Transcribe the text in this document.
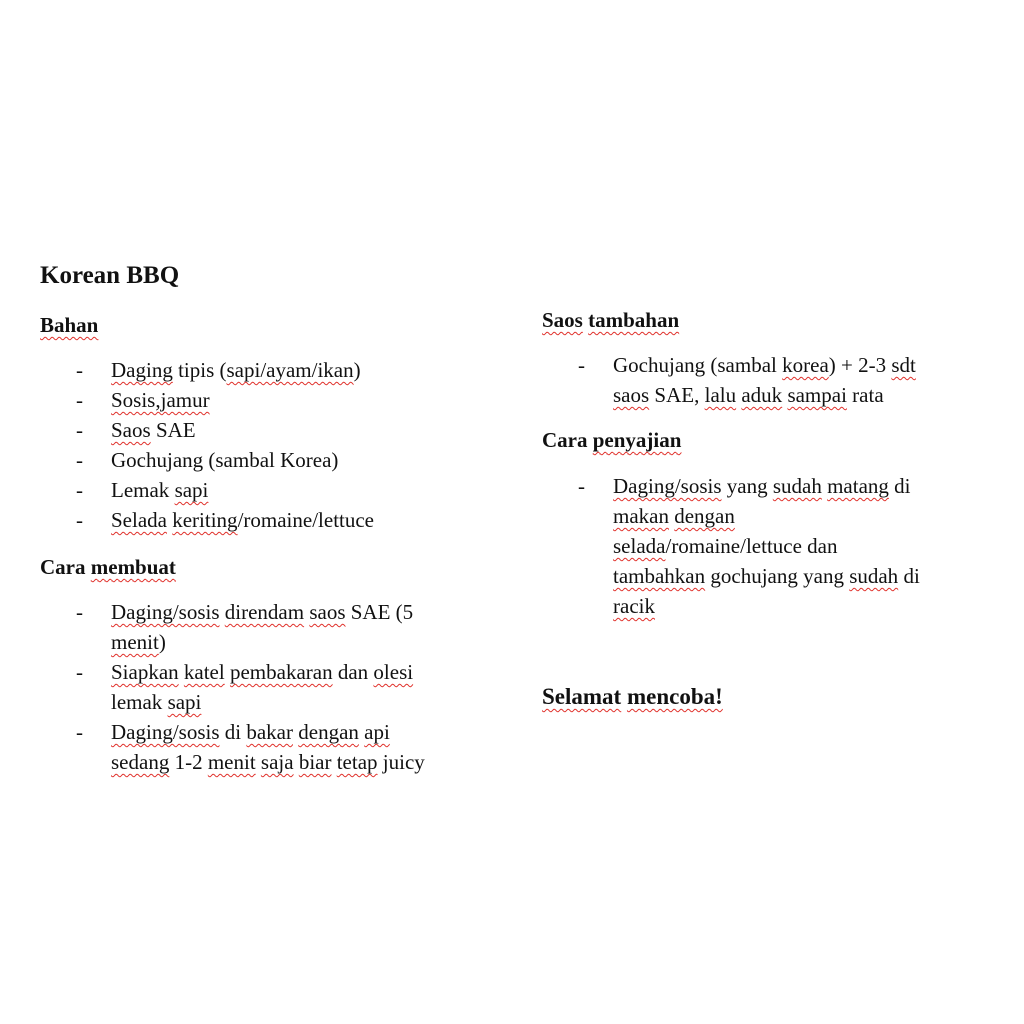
Korean BBQ
Bahan
Cara membuat
Saos tambahan
Cara penyajian
Selamat mencoba!
- Daging tipis (sapi/ayam/ikan)
- Sosis,jamur
- Saos SAE
- Gochujang (sambal Korea)
- Lemak sapi
- Selada keriting/romaine/lettuce
- Daging/sosis direndam saos SAE (5
menit)
- Siapkan katel pembakaran dan olesi
lemak sapi
- Daging/sosis di bakar dengan api
sedang 1-2 menit saja biar tetap juicy
- Gochujang (sambal korea) + 2-3 sdt
saos SAE, lalu aduk sampai rata
- Daging/sosis yang sudah matang di
makan dengan
selada/romaine/lettuce dan
tambahkan gochujang yang sudah di
racik
